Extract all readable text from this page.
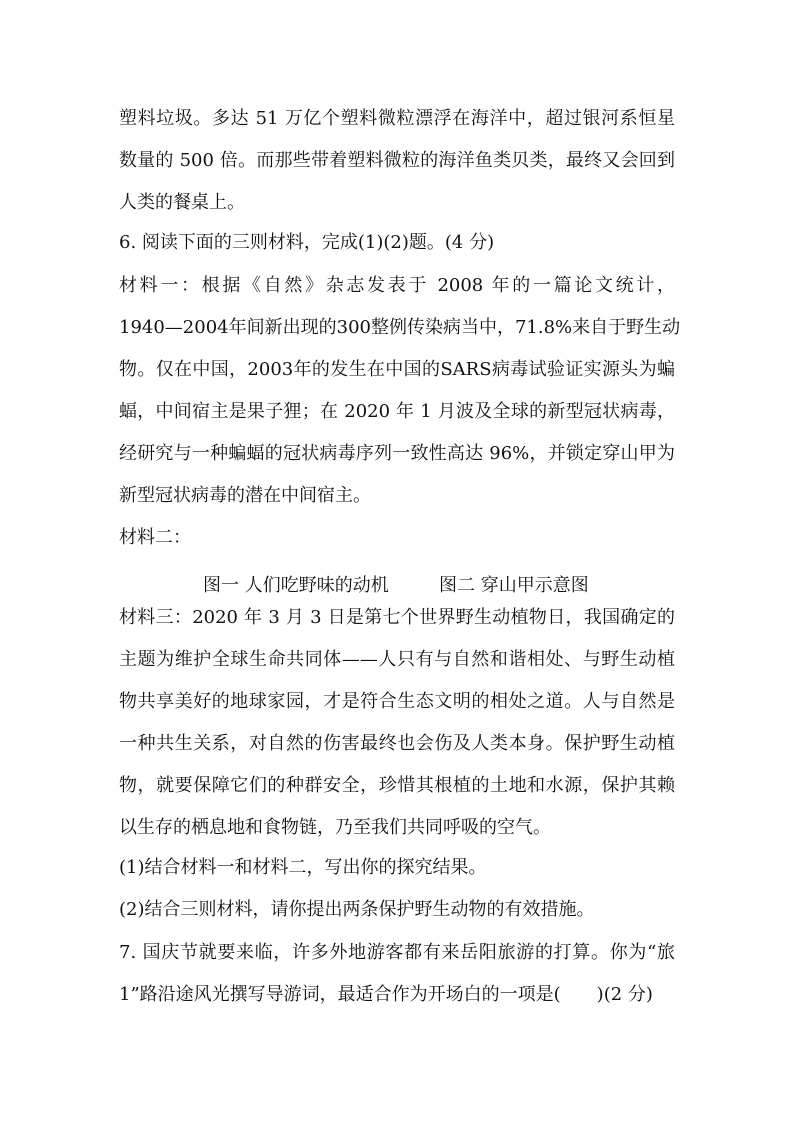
塑料垃圾。多达 51 万亿个塑料微粒漂浮在海洋中，超过银河系恒星
数量的 500 倍。而那些带着塑料微粒的海洋鱼类贝类，最终又会回到
人类的餐桌上。
6. 阅读下面的三则材料，完成(1)(2)题。(4 分)
材料一：根据《自然》杂志发表于 2008 年的一篇论文统计，
1940—2004年间新出现的300整例传染病当中，71.8%来自于野生动
物。仅在中国，2003年的发生在中国的SARS病毒试验证实源头为蝙
蝠，中间宿主是果子狸；在 2020 年 1 月波及全球的新型冠状病毒，
经研究与一种蝙蝠的冠状病毒序列一致性高达 96%，并锁定穿山甲为
新型冠状病毒的潜在中间宿主。
材料二：
图一 人们吃野味的动机	图二 穿山甲示意图
材料三：2020 年 3 月 3 日是第七个世界野生动植物日，我国确定的
主题为维护全球生命共同体——人只有与自然和谐相处、与野生动植
物共享美好的地球家园，才是符合生态文明的相处之道。人与自然是
一种共生关系，对自然的伤害最终也会伤及人类本身。保护野生动植
物，就要保障它们的种群安全，珍惜其根植的土地和水源，保护其赖
以生存的栖息地和食物链，乃至我们共同呼吸的空气。
(1)结合材料一和材料二，写出你的探究结果。
(2)结合三则材料，请你提出两条保护野生动物的有效措施。
7. 国庆节就要来临，许多外地游客都有来岳阳旅游的打算。你为“旅
1”路沿途风光撰写导游词，最适合作为开场白的一项是(　　)(2 分)
